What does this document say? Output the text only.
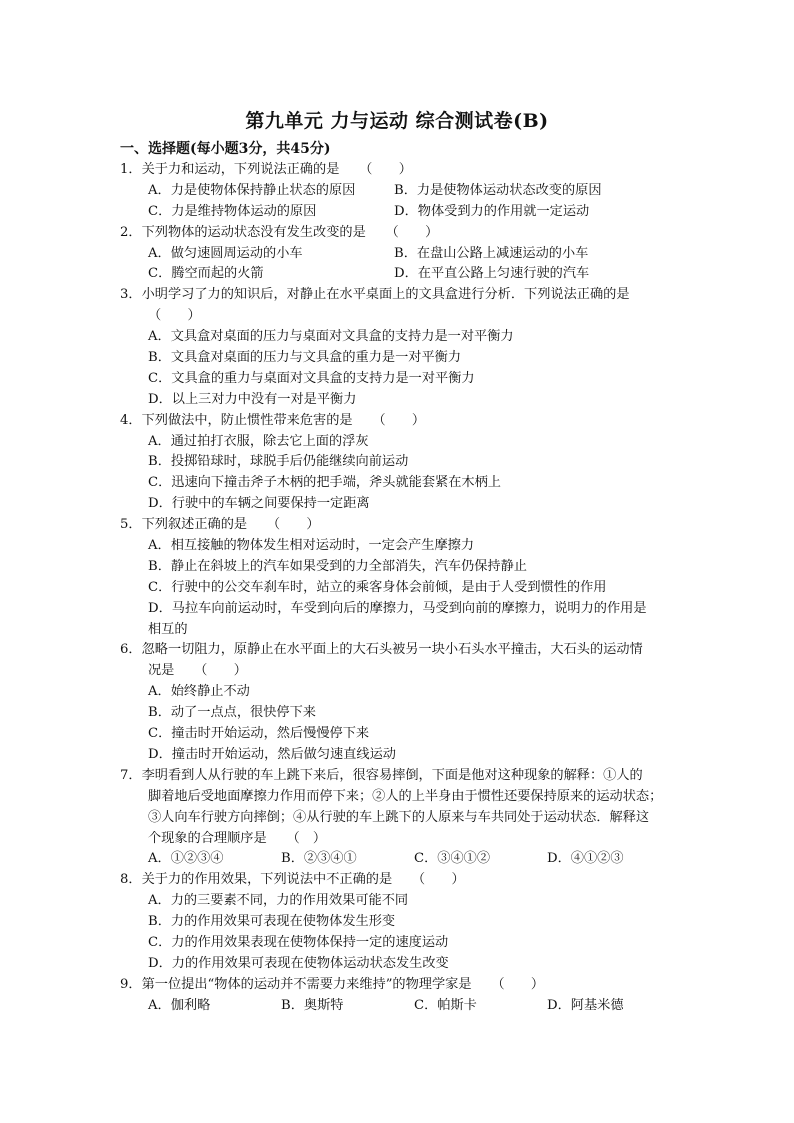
第九单元 力与运动 综合测试卷(B)
一、选择题(每小题3分，共45分)
1．关于力和运动，下列说法正确的是　　（　　）
A．力是使物体保持静止状态的原因	B．力是使物体运动状态改变的原因
C．力是维持物体运动的原因	D．物体受到力的作用就一定运动
2．下列物体的运动状态没有发生改变的是　　（　　）
A．做匀速圆周运动的小车	B．在盘山公路上减速运动的小车
C．腾空而起的火箭	D．在平直公路上匀速行驶的汽车
3．小明学习了力的知识后，对静止在水平桌面上的文具盒进行分析．下列说法正确的是
（　　）
A．文具盒对桌面的压力与桌面对文具盒的支持力是一对平衡力
B．文具盒对桌面的压力与文具盒的重力是一对平衡力
C．文具盒的重力与桌面对文具盒的支持力是一对平衡力
D．以上三对力中没有一对是平衡力
4．下列做法中，防止惯性带来危害的是　　（　　）
A．通过拍打衣服，除去它上面的浮灰
B．投掷铅球时，球脱手后仍能继续向前运动
C．迅速向下撞击斧子木柄的把手端，斧头就能套紧在木柄上
D．行驶中的车辆之间要保持一定距离
5．下列叙述正确的是　　（　　）
A．相互接触的物体发生相对运动时，一定会产生摩擦力
B．静止在斜坡上的汽车如果受到的力全部消失，汽车仍保持静止
C．行驶中的公交车刹车时，站立的乘客身体会前倾，是由于人受到惯性的作用
D．马拉车向前运动时，车受到向后的摩擦力，马受到向前的摩擦力，说明力的作用是
相互的
6．忽略一切阻力，原静止在水平面上的大石头被另一块小石头水平撞击，大石头的运动情
况是　　（　　）
A．始终静止不动
B．动了一点点，很快停下来
C．撞击时开始运动，然后慢慢停下来
D．撞击时开始运动，然后做匀速直线运动
7．李明看到人从行驶的车上跳下来后，很容易摔倒，下面是他对这种现象的解释：①人的
脚着地后受地面摩擦力作用而停下来；②人的上半身由于惯性还要保持原来的运动状态；
③人向车行驶方向摔倒；④从行驶的车上跳下的人原来与车共同处于运动状态．解释这
个现象的合理顺序是　　（　）
A．①②③④	B．②③④①	C．③④①②	D．④①②③
8．关于力的作用效果，下列说法中不正确的是　　（　　）
A．力的三要素不同，力的作用效果可能不同
B．力的作用效果可表现在使物体发生形变
C．力的作用效果表现在使物体保持一定的速度运动
D．力的作用效果可表现在使物体运动状态发生改变
9．第一位提出“物体的运动并不需要力来维持”的物理学家是　　（　　）
A．伽利略	B．奥斯特	C．帕斯卡	D．阿基米德
